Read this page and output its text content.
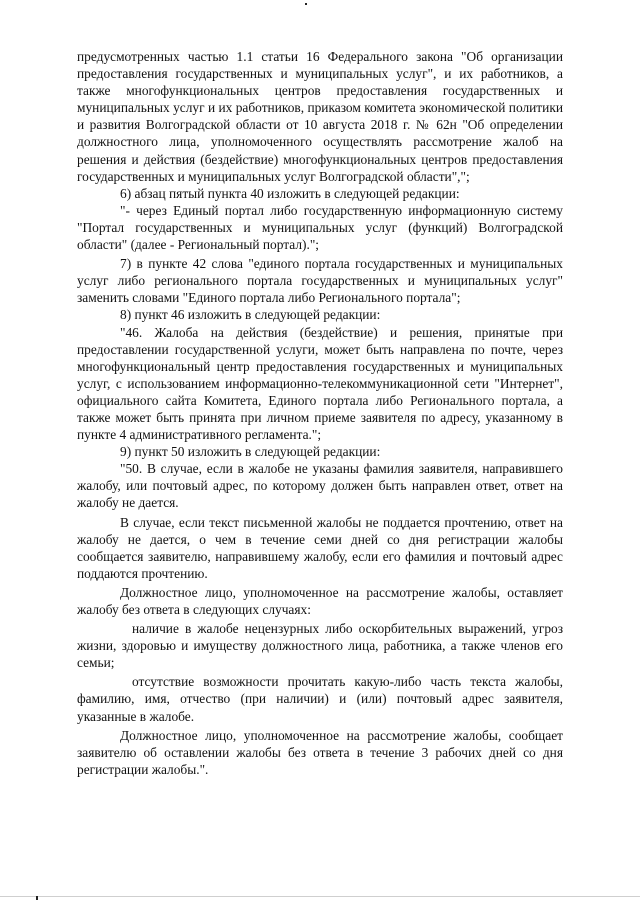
предусмотренных частью 1.1 статьи 16 Федерального закона "Об организации предоставления государственных и муниципальных услуг", и их работников, а также многофункциональных центров предоставления государственных и муниципальных услуг и их работников, приказом комитета экономической политики и развития Волгоградской области от 10 августа 2018 г. № 62н "Об определении должностного лица, уполномоченного осуществлять рассмотрение жалоб на решения и действия (бездействие) многофункциональных центров предоставления государственных и муниципальных услуг Волгоградской области",";

6) абзац пятый пункта 40 изложить в следующей редакции:

"- через Единый портал либо государственную информационную систему "Портал государственных и муниципальных услуг (функций) Волгоградской области" (далее - Региональный портал).";

7) в пункте 42 слова "единого портала государственных и муниципальных услуг либо регионального портала государственных и муниципальных услуг" заменить словами "Единого портала либо Регионального портала";

8) пункт 46 изложить в следующей редакции:

"46. Жалоба на действия (бездействие) и решения, принятые при предоставлении государственной услуги, может быть направлена по почте, через многофункциональный центр предоставления государственных и муниципальных услуг, с использованием информационно-телекоммуникационной сети "Интернет", официального сайта Комитета, Единого портала либо Регионального портала, а также может быть принята при личном приеме заявителя по адресу, указанному в пункте 4 административного регламента.";

9) пункт 50 изложить в следующей редакции:

"50. В случае, если в жалобе не указаны фамилия заявителя, направившего жалобу, или почтовый адрес, по которому должен быть направлен ответ, ответ на жалобу не дается.

В случае, если текст письменной жалобы не поддается прочтению, ответ на жалобу не дается, о чем в течение семи дней со дня регистрации жалобы сообщается заявителю, направившему жалобу, если его фамилия и почтовый адрес поддаются прочтению.

Должностное лицо, уполномоченное на рассмотрение жалобы, оставляет жалобу без ответа в следующих случаях:

наличие в жалобе нецензурных либо оскорбительных выражений, угроз жизни, здоровью и имуществу должностного лица, работника, а также членов его семьи;

отсутствие возможности прочитать какую-либо часть текста жалобы, фамилию, имя, отчество (при наличии) и (или) почтовый адрес заявителя, указанные в жалобе.

Должностное лицо, уполномоченное на рассмотрение жалобы, сообщает заявителю об оставлении жалобы без ответа в течение 3 рабочих дней со дня регистрации жалобы.".
